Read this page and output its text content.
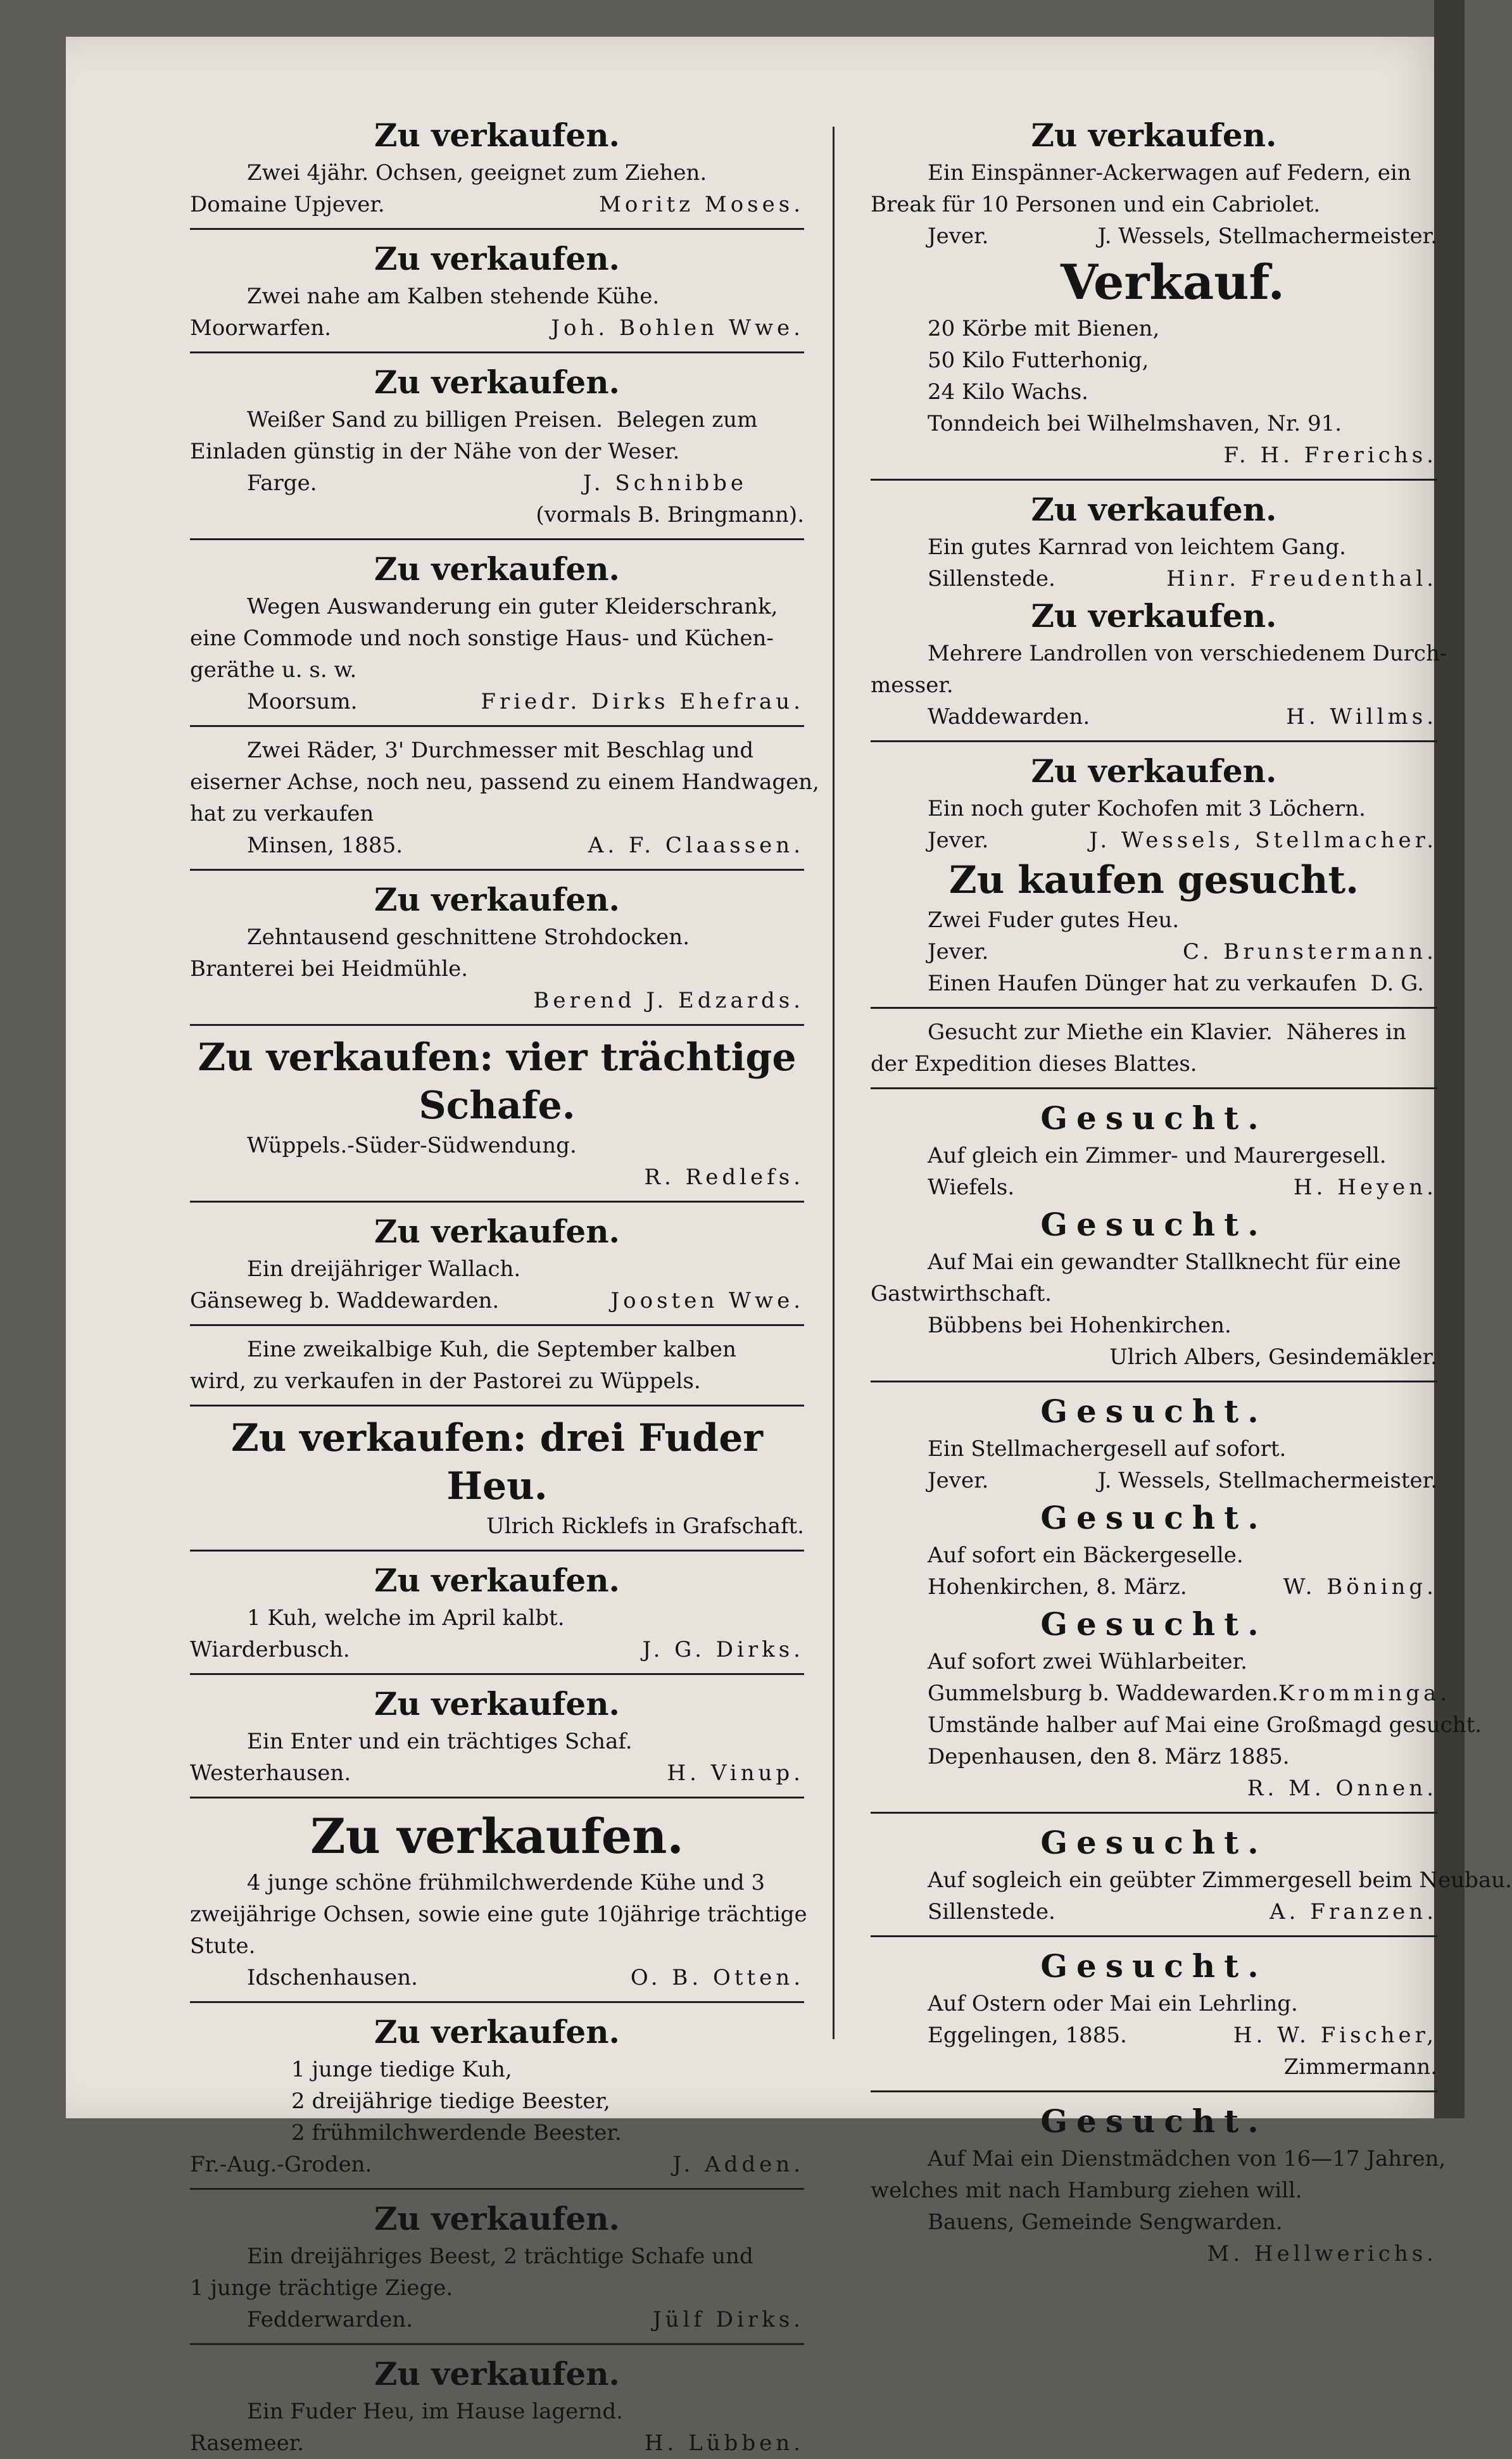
Zu verkaufen.
Zwei 4jähr. Ochsen, geeignet zum Ziehen.
Domaine Upjever.	Moritz Moses.
Zu verkaufen.
Zwei nahe am Kalben stehende Kühe.
Moorwarfen.	Joh. Bohlen Wwe.
Zu verkaufen.
Weißer Sand zu billigen Preisen.  Belegen zum
Einladen günstig in der Nähe von der Weser.
Farge.	J. Schnibbe
(vormals B. Bringmann).
Zu verkaufen.
Wegen Auswanderung ein guter Kleiderschrank,
eine Commode und noch sonstige Haus- und Küchen-
geräthe u. s. w.
Moorsum.	Friedr. Dirks Ehefrau.
Zwei Räder, 3' Durchmesser mit Beschlag und
eiserner Achse, noch neu, passend zu einem Handwagen,
hat zu verkaufen
Minsen, 1885.	A. F. Claassen.
Zu verkaufen.
Zehntausend geschnittene Strohdocken.
Branterei bei Heidmühle.
Berend J. Edzards.
Zu verkaufen: vier trächtige Schafe.
Wüppels.-Süder-Südwendung.
R. Redlefs.
Zu verkaufen.
Ein dreijähriger Wallach.
Gänseweg b. Waddewarden.	Joosten Wwe.
Eine zweikalbige Kuh, die September kalben
wird, zu verkaufen in der Pastorei zu Wüppels.
Zu verkaufen: drei Fuder Heu.
Ulrich Ricklefs in Grafschaft.
Zu verkaufen.
1 Kuh, welche im April kalbt.
Wiarderbusch.	J. G. Dirks.
Zu verkaufen.
Ein Enter und ein trächtiges Schaf.
Westerhausen.	H. Vinup.
Zu verkaufen.
4 junge schöne frühmilchwerdende Kühe und 3
zweijährige Ochsen, sowie eine gute 10jährige trächtige
Stute.
Idschenhausen.	O. B. Otten.
Zu verkaufen.
1 junge tiedige Kuh,
2 dreijährige tiedige Beester,
2 frühmilchwerdende Beester.
Fr.-Aug.-Groden.	J. Adden.
Zu verkaufen.
Ein dreijähriges Beest, 2 trächtige Schafe und
1 junge trächtige Ziege.
Fedderwarden.	Jülf Dirks.
Zu verkaufen.
Ein Fuder Heu, im Hause lagernd.
Rasemeer.	H. Lübben.
Zu verkaufen.
Ein Einspänner-Ackerwagen auf Federn, ein
Break für 10 Personen und ein Cabriolet.
Jever.	J. Wessels, Stellmachermeister.
Verkauf.
20 Körbe mit Bienen,
50 Kilo Futterhonig,
24 Kilo Wachs.
Tonndeich bei Wilhelmshaven, Nr. 91.
F. H. Frerichs.
Zu verkaufen.
Ein gutes Karnrad von leichtem Gang.
Sillenstede.	Hinr. Freudenthal.
Zu verkaufen.
Mehrere Landrollen von verschiedenem Durch-
messer.
Waddewarden.	H. Willms.
Zu verkaufen.
Ein noch guter Kochofen mit 3 Löchern.
Jever.	J. Wessels, Stellmacher.
Zu kaufen gesucht.
Zwei Fuder gutes Heu.
Jever.	C. Brunstermann.
Einen Haufen Dünger hat zu verkaufen  D. G.
Gesucht zur Miethe ein Klavier.  Näheres in
der Expedition dieses Blattes.
Gesucht.
Auf gleich ein Zimmer- und Maurergesell.
Wiefels.	H. Heyen.
Gesucht.
Auf Mai ein gewandter Stallknecht für eine
Gastwirthschaft.
Bübbens bei Hohenkirchen.
Ulrich Albers, Gesindemäkler.
Gesucht.
Ein Stellmachergesell auf sofort.
Jever.	J. Wessels, Stellmachermeister.
Gesucht.
Auf sofort ein Bäckergeselle.
Hohenkirchen, 8. März.	W. Böning.
Gesucht.
Auf sofort zwei Wühlarbeiter.
Gummelsburg b. Waddewarden. Kromminga.
Umstände halber auf Mai eine Großmagd gesucht.
Depenhausen, den 8. März 1885.
R. M. Onnen.
Gesucht.
Auf sogleich ein geübter Zimmergesell beim Neubau.
Sillenstede.	A. Franzen.
Gesucht.
Auf Ostern oder Mai ein Lehrling.
Eggelingen, 1885.	H. W. Fischer,
Zimmermann.
Gesucht.
Auf Mai ein Dienstmädchen von 16—17 Jahren,
welches mit nach Hamburg ziehen will.
Bauens, Gemeinde Sengwarden.
M. Hellwerichs.
